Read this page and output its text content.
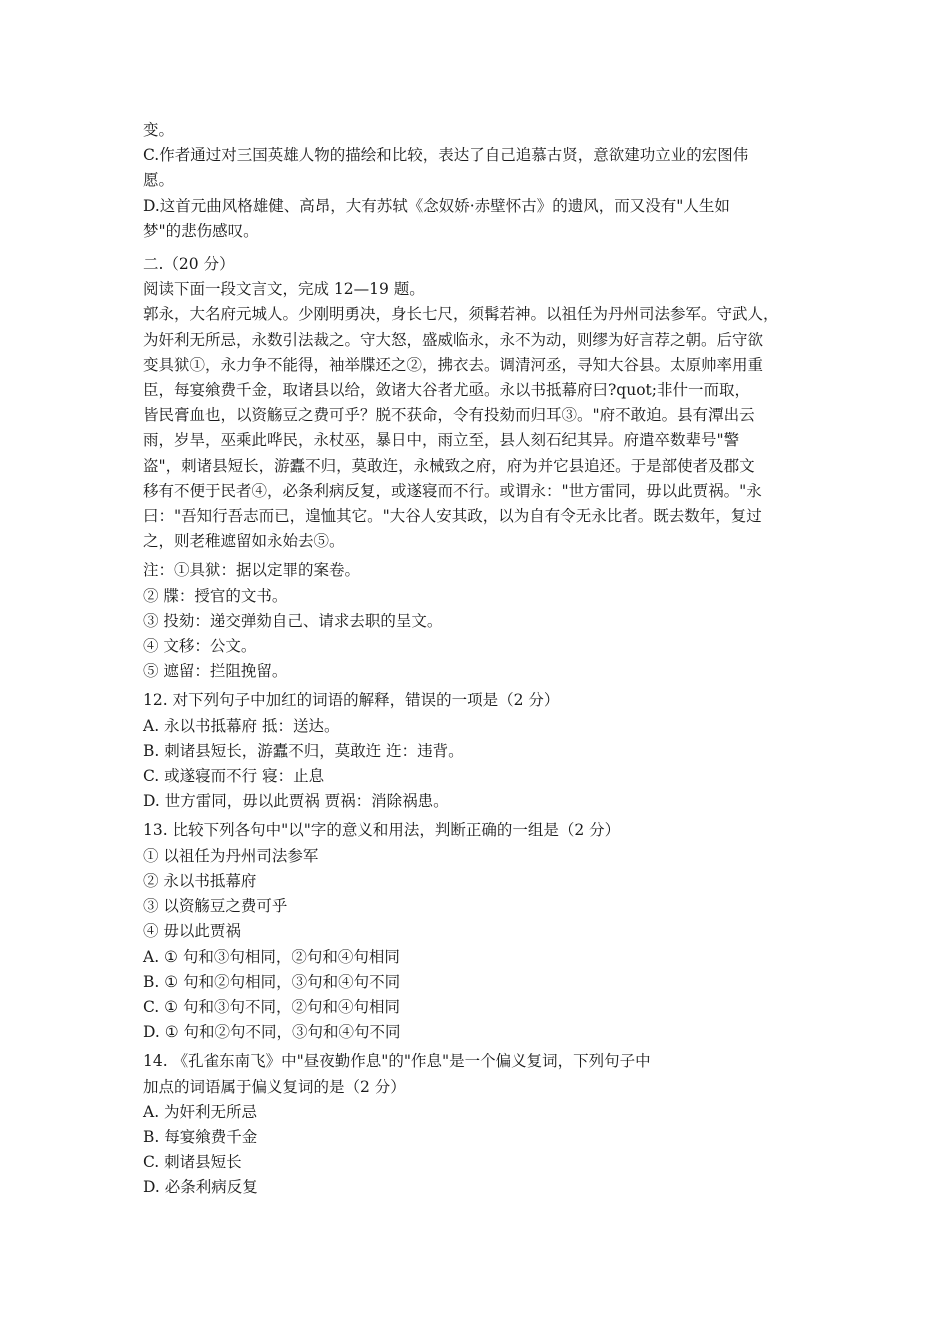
变。
C.作者通过对三国英雄人物的描绘和比较，表达了自己追慕古贤，意欲建功立业的宏图伟
愿。
D.这首元曲风格雄健、高昂，大有苏轼《念奴娇·赤壁怀古》的遗风，而又没有"人生如
梦"的悲伤感叹。
二.（20 分）
阅读下面一段文言文，完成 12—19 题。
郭永，大名府元城人。少刚明勇决，身长七尺，须髯若神。以祖任为丹州司法参军。守武人，
为奸利无所忌，永数引法裁之。守大怒，盛威临永，永不为动，则缪为好言荐之朝。后守欲
变具狱①，永力争不能得，袖举牒还之②，拂衣去。调清河丞，寻知大谷县。太原帅率用重
臣，每宴飨费千金，取诸县以给，敛诸大谷者尤亟。永以书抵幕府曰?quot;非什一而取，
皆民膏血也，以资觞豆之费可乎？脱不获命，令有投劾而归耳③。"府不敢迫。县有潭出云
雨，岁旱，巫乘此哗民，永杖巫，暴日中，雨立至，县人刻石纪其异。府遣卒数辈号"警
盗"，刺诸县短长，游蠹不归，莫敢迕，永械致之府，府为并它县追还。于是部使者及郡文
移有不便于民者④，必条利病反复，或遂寝而不行。或谓永："世方雷同，毋以此贾祸。"永
曰："吾知行吾志而已，遑恤其它。"大谷人安其政，以为自有令无永比者。既去数年，复过
之，则老稚遮留如永始去⑤。
注：①具狱：据以定罪的案卷。
② 牒：授官的文书。
③ 投劾：递交弹劾自己、请求去职的呈文。
④ 文移：公文。
⑤ 遮留：拦阻挽留。
12. 对下列句子中加红的词语的解释，错误的一项是（2 分）
A. 永以书抵幕府 抵：送达。
B. 刺诸县短长，游蠹不归，莫敢迕 迕：违背。
C. 或遂寝而不行 寝：止息
D. 世方雷同，毋以此贾祸 贾祸：消除祸患。
13. 比较下列各句中"以"字的意义和用法，判断正确的一组是（2 分）
① 以祖任为丹州司法参军
② 永以书抵幕府
③ 以资觞豆之费可乎
④ 毋以此贾祸
A. ① 句和③句相同，②句和④句相同
B. ① 句和②句相同，③句和④句不同
C. ① 句和③句不同，②句和④句相同
D. ① 句和②句不同，③句和④句不同
14. 《孔雀东南飞》中"昼夜勤作息"的"作息"是一个偏义复词，下列句子中
加点的词语属于偏义复词的是（2 分）
A. 为奸利无所忌
B. 每宴飨费千金
C. 刺诸县短长
D. 必条利病反复
